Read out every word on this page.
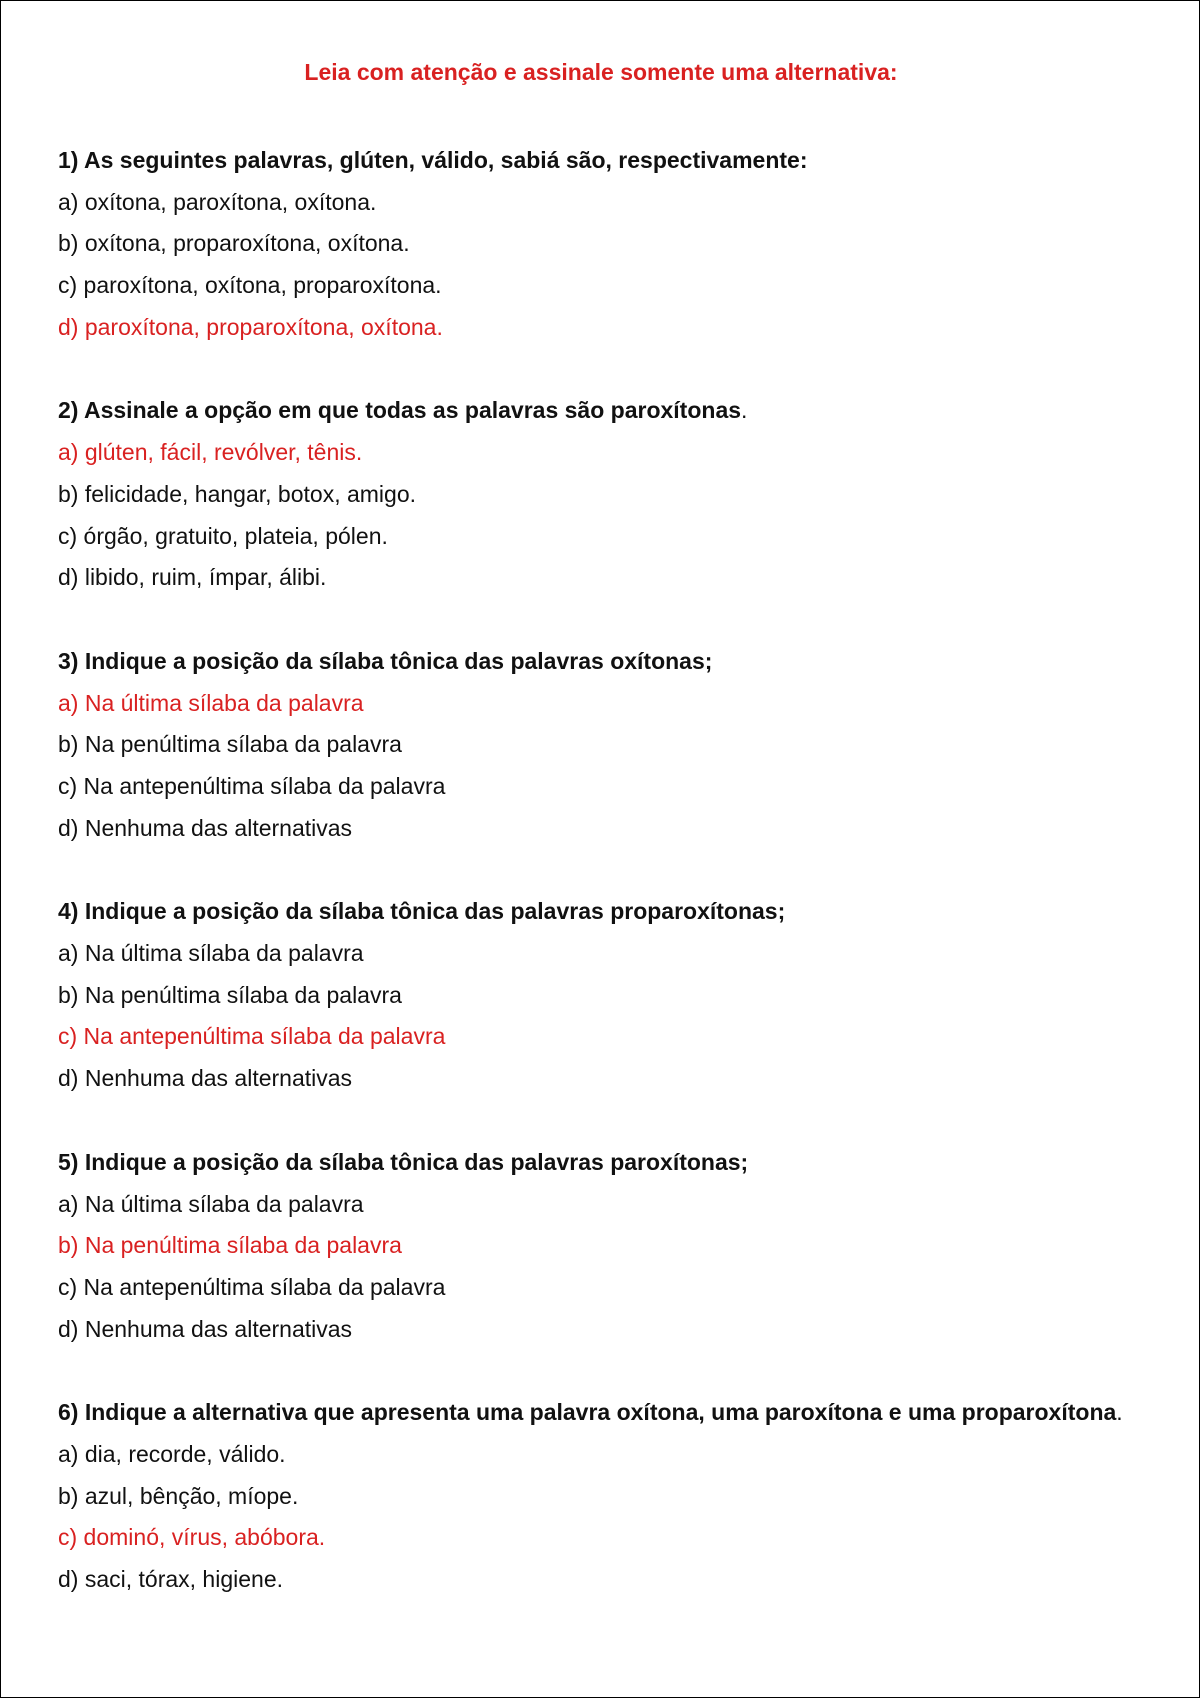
Leia com atenção e assinale somente uma alternativa:
1) As seguintes palavras, glúten, válido, sabiá são, respectivamente:
a) oxítona, paroxítona, oxítona.
b) oxítona, proparoxítona, oxítona.
c) paroxítona, oxítona, proparoxítona.
d) paroxítona, proparoxítona, oxítona.
2) Assinale a opção em que todas as palavras são paroxítonas.
a) glúten, fácil, revólver, tênis.
b) felicidade, hangar, botox, amigo.
c) órgão, gratuito, plateia, pólen.
d) libido, ruim, ímpar, álibi.
3) Indique a posição da sílaba tônica das palavras oxítonas;
a) Na última sílaba da palavra
b) Na penúltima sílaba da palavra
c) Na antepenúltima sílaba da palavra
d) Nenhuma das alternativas
4) Indique a posição da sílaba tônica das palavras proparoxítonas;
a) Na última sílaba da palavra
b) Na penúltima sílaba da palavra
c) Na antepenúltima sílaba da palavra
d) Nenhuma das alternativas
5) Indique a posição da sílaba tônica das palavras paroxítonas;
a) Na última sílaba da palavra
b) Na penúltima sílaba da palavra
c) Na antepenúltima sílaba da palavra
d) Nenhuma das alternativas
6) Indique a alternativa que apresenta uma palavra oxítona, uma paroxítona e uma proparoxítona.
a) dia, recorde, válido.
b) azul, bênção, míope.
c) dominó, vírus, abóbora.
d) saci, tórax, higiene.
